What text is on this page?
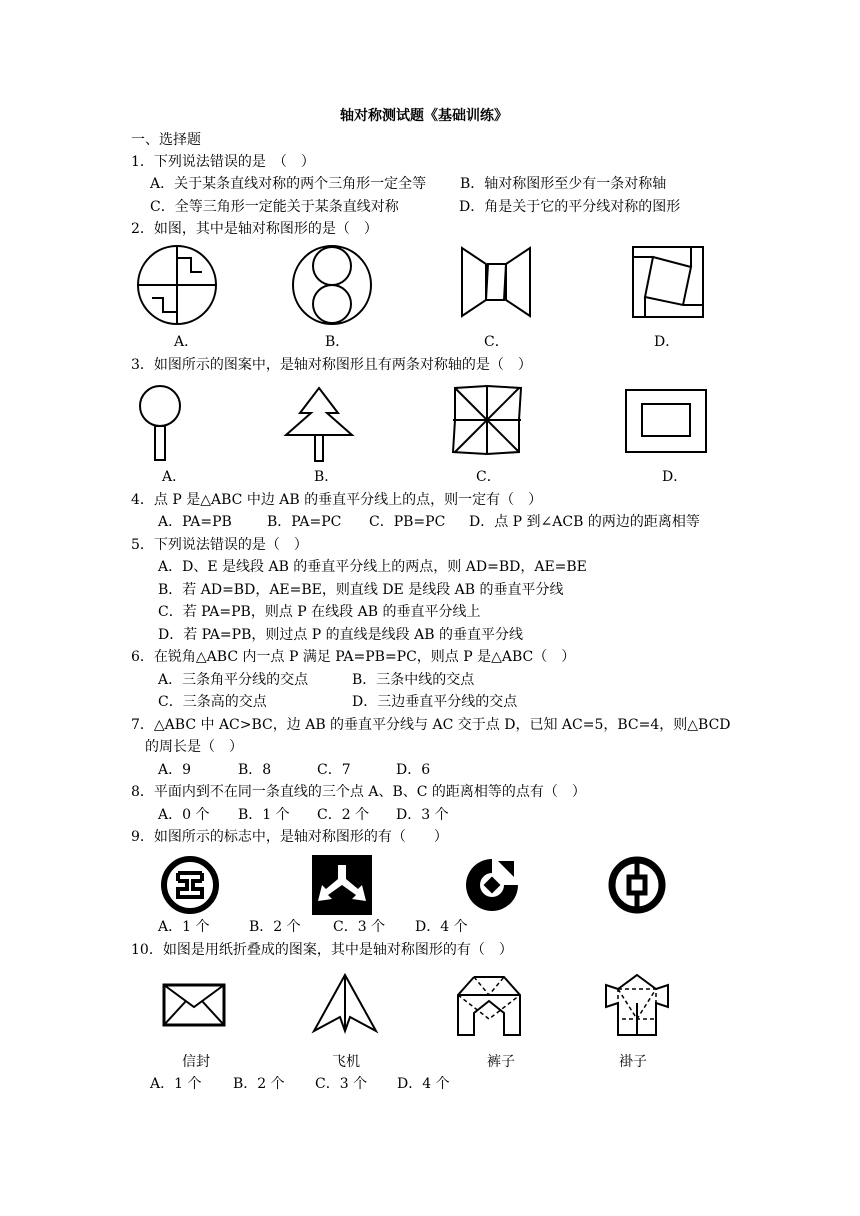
轴对称测试题《基础训练》
一、选择题
1．下列说法错误的是　（　）
A．关于某条直线对称的两个三角形一定全等 B．轴对称图形至少有一条对称轴
C．全等三角形一定能关于某条直线对称	D．角是关于它的平分线对称的图形
2．如图，其中是轴对称图形的是（　）
A．	B．	C．	D．
3．如图所示的图案中，是轴对称图形且有两条对称轴的是（　）
A．	B．	C．	D．
4．点 P 是△ABC 中边 AB 的垂直平分线上的点，则一定有（　）
A．PA=PB	B．PA=PC C．PB=PC D．点 P 到∠ACB 的两边的距离相等
5．下列说法错误的是（　）
A．D、E 是线段 AB 的垂直平分线上的两点，则 AD=BD，AE=BE
B．若 AD=BD，AE=BE，则直线 DE 是线段 AB 的垂直平分线
C．若 PA=PB，则点 P 在线段 AB 的垂直平分线上
D．若 PA=PB，则过点 P 的直线是线段 AB 的垂直平分线
6．在锐角△ABC 内一点 P 满足 PA=PB=PC，则点 P 是△ABC（　）
A．三条角平分线的交点	B．三条中线的交点
C．三条高的交点	D．三边垂直平分线的交点
7．△ABC 中 AC>BC，边 AB 的垂直平分线与 AC 交于点 D，已知 AC=5，BC=4，则△BCD
的周长是（　）
A．9	B．8	C．7	D．6
8．平面内到不在同一条直线的三个点 A、B、C 的距离相等的点有（　）
A．0 个 B．1 个 C．2 个 D．3 个
9．如图所示的标志中，是轴对称图形的有（　　）
A．1 个	B．2 个 C．3 个 D．4 个
10．如图是用纸折叠成的图案，其中是轴对称图形的有（　）
信封	飞机	裤子	褂子
A．1 个 B．2 个 C．3 个 D．4 个
